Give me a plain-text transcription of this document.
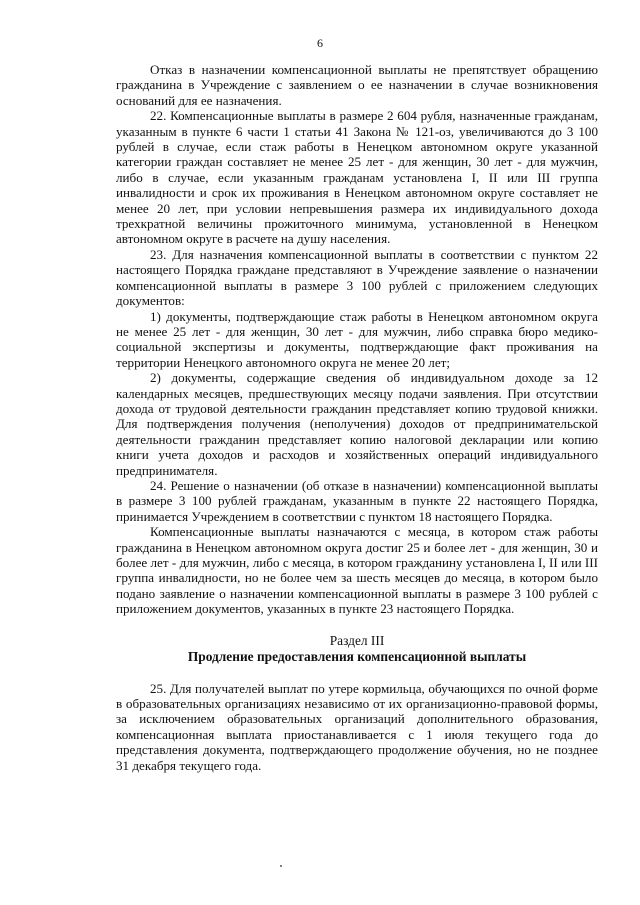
6

Отказ в назначении компенсационной выплаты не препятствует обращению гражданина в Учреждение с заявлением о ее назначении в случае возникновения оснований для ее назначения.

22. Компенсационные выплаты в размере 2 604 рубля, назначенные гражданам, указанным в пункте 6 части 1 статьи 41 Закона № 121-оз, увеличиваются до 3 100 рублей в случае, если стаж работы в Ненецком автономном округе указанной категории граждан составляет не менее 25 лет - для женщин, 30 лет - для мужчин, либо в случае, если указанным гражданам установлена I, II или III группа инвалидности и срок их проживания в Ненецком автономном округе составляет не менее 20 лет, при условии непревышения размера их индивидуального дохода трехкратной величины прожиточного минимума, установленной в Ненецком автономном округе в расчете на душу населения.

23. Для назначения компенсационной выплаты в соответствии с пунктом 22 настоящего Порядка граждане представляют в Учреждение заявление о назначении компенсационной выплаты в размере 3 100 рублей с приложением следующих документов:

1) документы, подтверждающие стаж работы в Ненецком автономном округа не менее 25 лет - для женщин, 30 лет - для мужчин, либо справка бюро медико-социальной экспертизы и документы, подтверждающие факт проживания на территории Ненецкого автономного округа не менее 20 лет;

2) документы, содержащие сведения об индивидуальном доходе за 12 календарных месяцев, предшествующих месяцу подачи заявления. При отсутствии дохода от трудовой деятельности гражданин представляет копию трудовой книжки. Для подтверждения получения (неполучения) доходов от предпринимательской деятельности гражданин представляет копию налоговой декларации или копию книги учета доходов и расходов и хозяйственных операций индивидуального предпринимателя.

24. Решение о назначении (об отказе в назначении) компенсационной выплаты в размере 3 100 рублей гражданам, указанным в пункте 22 настоящего Порядка, принимается Учреждением в соответствии с пунктом 18 настоящего Порядка.

Компенсационные выплаты назначаются с месяца, в котором стаж работы гражданина в Ненецком автономном округа достиг 25 и более лет - для женщин, 30 и более лет - для мужчин, либо с месяца, в котором гражданину установлена I, II или III группа инвалидности, но не более чем за шесть месяцев до месяца, в котором было подано заявление о назначении компенсационной выплаты в размере 3 100 рублей с приложением документов, указанных в пункте 23 настоящего Порядка.

Раздел III
Продление предоставления компенсационной выплаты

25. Для получателей выплат по утере кормильца, обучающихся по очной форме в образовательных организациях независимо от их организационно-правовой формы, за исключением образовательных организаций дополнительного образования, компенсационная выплата приостанавливается с 1 июля текущего года до представления документа, подтверждающего продолжение обучения, но не позднее 31 декабря текущего года.
